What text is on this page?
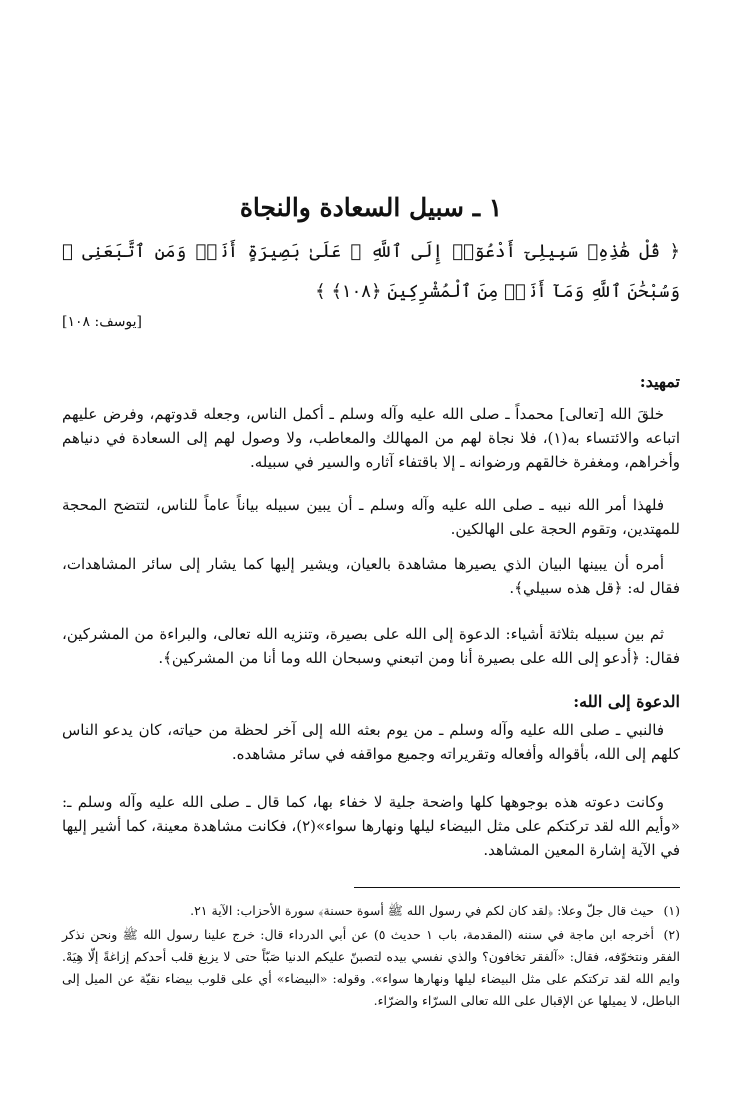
١ ـ سبيل السعادة والنجاة
﴿ قُلْ هَٰذِهِۦ سَبِيلِىٓ أَدْعُوٓا۟ إِلَى ٱللَّهِ ۚ عَلَىٰ بَصِيرَةٍ أَنَا۠ وَمَنِ ٱتَّبَعَنِى ۖ وَسُبْحَٰنَ ٱللَّهِ وَمَآ أَنَا۠ مِنَ ٱلْمُشْرِكِينَ ﴿١٠٨﴾ ﴾
[يوسف: ١٠٨]
تمهيد:
خلقَ الله [تعالى] محمداً ـ صلى الله عليه وآله وسلم ـ أكمل الناس، وجعله قدوتهم، وفرض عليهم اتباعه والائتساء به(١)، فلا نجاة لهم من المهالك والمعاطب، ولا وصول لهم إلى السعادة في دنياهم وأخراهم، ومغفرة خالقهم ورضوانه ـ إلا باقتفاء آثاره والسير في سبيله.
فلهذا أمر الله نبيه ـ صلى الله عليه وآله وسلم ـ أن يبين سبيله بياناً عاماً للناس، لتتضح المحجة للمهتدين، وتقوم الحجة على الهالكين.
أمره أن يبينها البيان الذي يصيرها مشاهدة بالعيان، ويشير إليها كما يشار إلى سائر المشاهدات، فقال له: ﴿قل هذه سبيلي﴾.
ثم بين سبيله بثلاثة أشياء: الدعوة إلى الله على بصيرة، وتنزيه الله تعالى، والبراءة من المشركين، فقال: ﴿أدعو إلى الله على بصيرة أنا ومن اتبعني وسبحان الله وما أنا من المشركين﴾.
الدعوة إلى الله:
فالنبي ـ صلى الله عليه وآله وسلم ـ من يوم بعثه الله إلى آخر لحظة من حياته، كان يدعو الناس كلهم إلى الله، بأقواله وأفعاله وتقريراته وجميع مواقفه في سائر مشاهده.
وكانت دعوته هذه بوجوهها كلها واضحة جلية لا خفاء بها، كما قال ـ صلى الله عليه وآله وسلم ـ: «وأيم الله لقد تركتكم على مثل البيضاء ليلها ونهارها سواء»(٢)، فكانت مشاهدة معينة، كما أشير إليها في الآية إشارة المعين المشاهد.
(١)حيث قال جلّ وعلا: ﴿لقد كان لكم في رسول الله ﷺ أسوة حسنة﴾ سورة الأحزاب: الآية ٢١.
(٢)أخرجه ابن ماجة في سننه (المقدمة، باب ١ حديث ٥) عن أبي الدرداء قال: خرج علينا رسول الله ﷺ ونحن نذكر الفقر ونتخوّفه، فقال: «آلفقر تخافون؟ والذي نفسي بيده لتصبنّ عليكم الدنيا صَبّاً حتى لا يزيغ قلب أحدكم إزاغةً إلّا هِيَهْ. وايم الله لقد تركتكم على مثل البيضاء ليلها ونهارها سواء». وقوله: «البيضاء» أي على قلوب بيضاء نقيّة عن الميل إلى الباطل، لا يميلها عن الإقبال على الله تعالى السرّاء والضرّاء.
